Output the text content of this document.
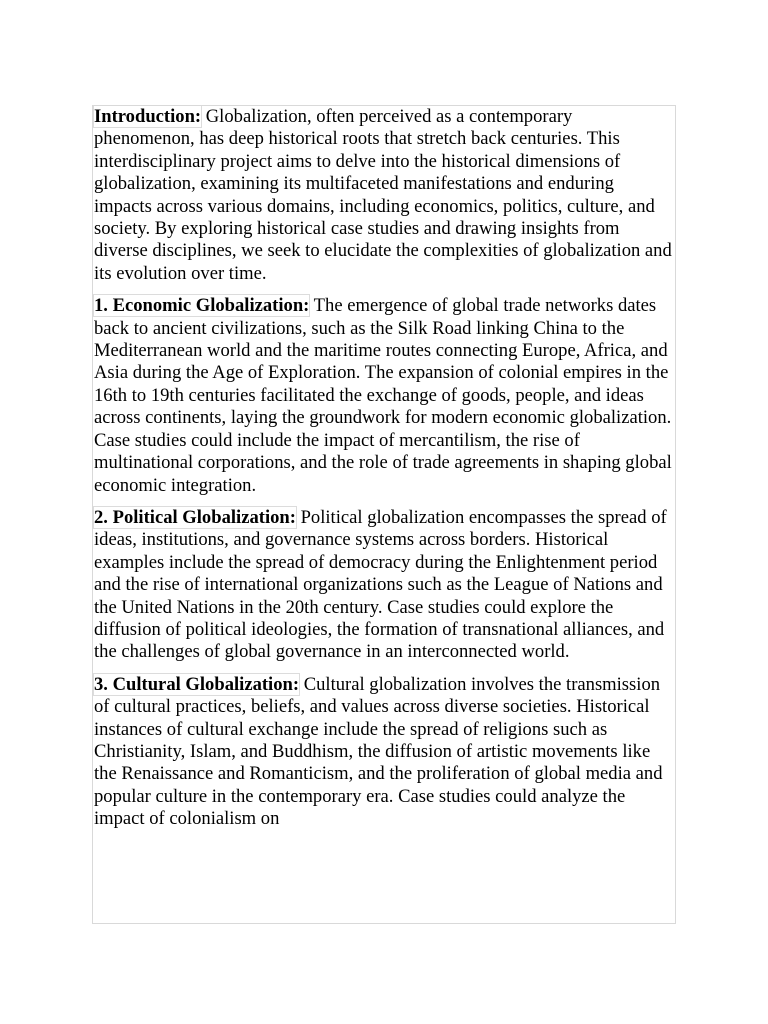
Introduction: Globalization, often perceived as a contemporary phenomenon, has deep historical roots that stretch back centuries. This interdisciplinary project aims to delve into the historical dimensions of globalization, examining its multifaceted manifestations and enduring impacts across various domains, including economics, politics, culture, and society. By exploring historical case studies and drawing insights from diverse disciplines, we seek to elucidate the complexities of globalization and its evolution over time.

1. Economic Globalization: The emergence of global trade networks dates back to ancient civilizations, such as the Silk Road linking China to the Mediterranean world and the maritime routes connecting Europe, Africa, and Asia during the Age of Exploration. The expansion of colonial empires in the 16th to 19th centuries facilitated the exchange of goods, people, and ideas across continents, laying the groundwork for modern economic globalization. Case studies could include the impact of mercantilism, the rise of multinational corporations, and the role of trade agreements in shaping global economic integration.

2. Political Globalization: Political globalization encompasses the spread of ideas, institutions, and governance systems across borders. Historical examples include the spread of democracy during the Enlightenment period and the rise of international organizations such as the League of Nations and the United Nations in the 20th century. Case studies could explore the diffusion of political ideologies, the formation of transnational alliances, and the challenges of global governance in an interconnected world.

3. Cultural Globalization: Cultural globalization involves the transmission of cultural practices, beliefs, and values across diverse societies. Historical instances of cultural exchange include the spread of religions such as Christianity, Islam, and Buddhism, the diffusion of artistic movements like the Renaissance and Romanticism, and the proliferation of global media and popular culture in the contemporary era. Case studies could analyze the impact of colonialism on
